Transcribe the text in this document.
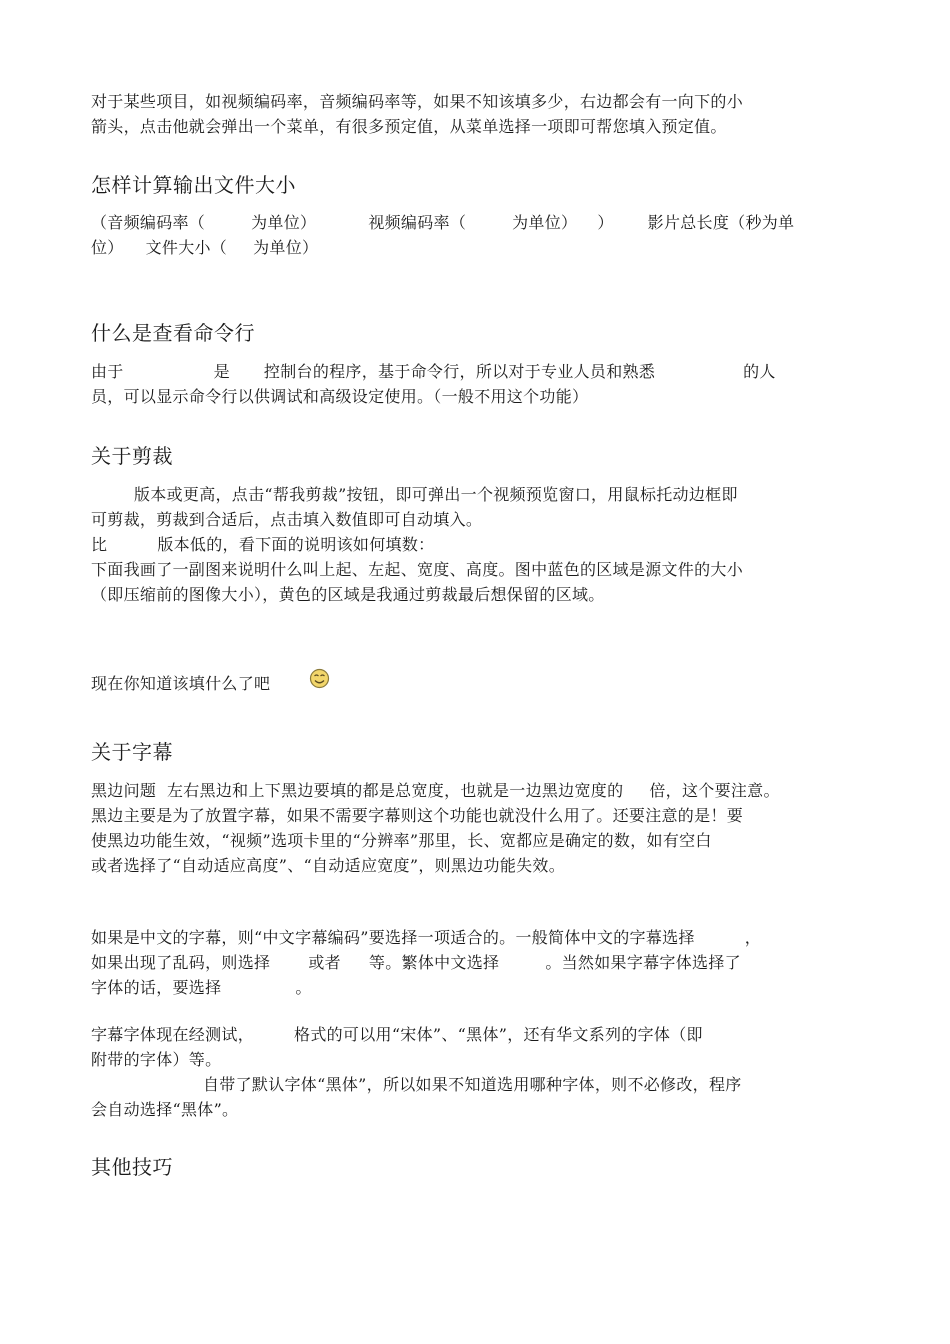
对于某些项目，如视频编码率，音频编码率等，如果不知该填多少，右边都会有一向下的小
箭头，点击他就会弹出一个菜单，有很多预定值，从菜单选择一项即可帮您填入预定值。
怎样计算输出文件大小
（音频编码率（	为单位）	视频编码率（	为单位） ） 影片总长度（秒为单
位） 文件大小（ 为单位）
什么是查看命令行
由于	是 控制台的程序，基于命令行，所以对于专业人员和熟悉	的人
员，可以显示命令行以供调试和高级设定使用。（一般不用这个功能）
关于剪裁
版本或更高，点击“帮我剪裁”按钮，即可弹出一个视频预览窗口，用鼠标托动边框即
可剪裁，剪裁到合适后，点击填入数值即可自动填入。
比	版本低的，看下面的说明该如何填数：
下面我画了一副图来说明什么叫上起、左起、宽度、高度。图中蓝色的区域是源文件的大小
（即压缩前的图像大小），黄色的区域是我通过剪裁最后想保留的区域。
现在你知道该填什么了吧
关于字幕
黑边问题  左右黑边和上下黑边要填的都是总宽度，也就是一边黑边宽度的 倍，这个要注意。
黑边主要是为了放置字幕，如果不需要字幕则这个功能也就没什么用了。还要注意的是！要
使黑边功能生效，“视频”选项卡里的“分辨率”那里，长、宽都应是确定的数，如有空白
或者选择了“自动适应高度”、“自动适应宽度”，则黑边功能失效。
如果是中文的字幕，则“中文字幕编码”要选择一项适合的。一般简体中文的字幕选择	，
如果出现了乱码，则选择 或者 等。繁体中文选择	。当然如果字幕字体选择了
字体的话，要选择	。
字幕字体现在经测试，	格式的可以用“宋体”、“黑体”，还有华文系列的字体（即
附带的字体）等。
自带了默认字体“黑体”，所以如果不知道选用哪种字体，则不必修改，程序
会自动选择“黑体”。
其他技巧
